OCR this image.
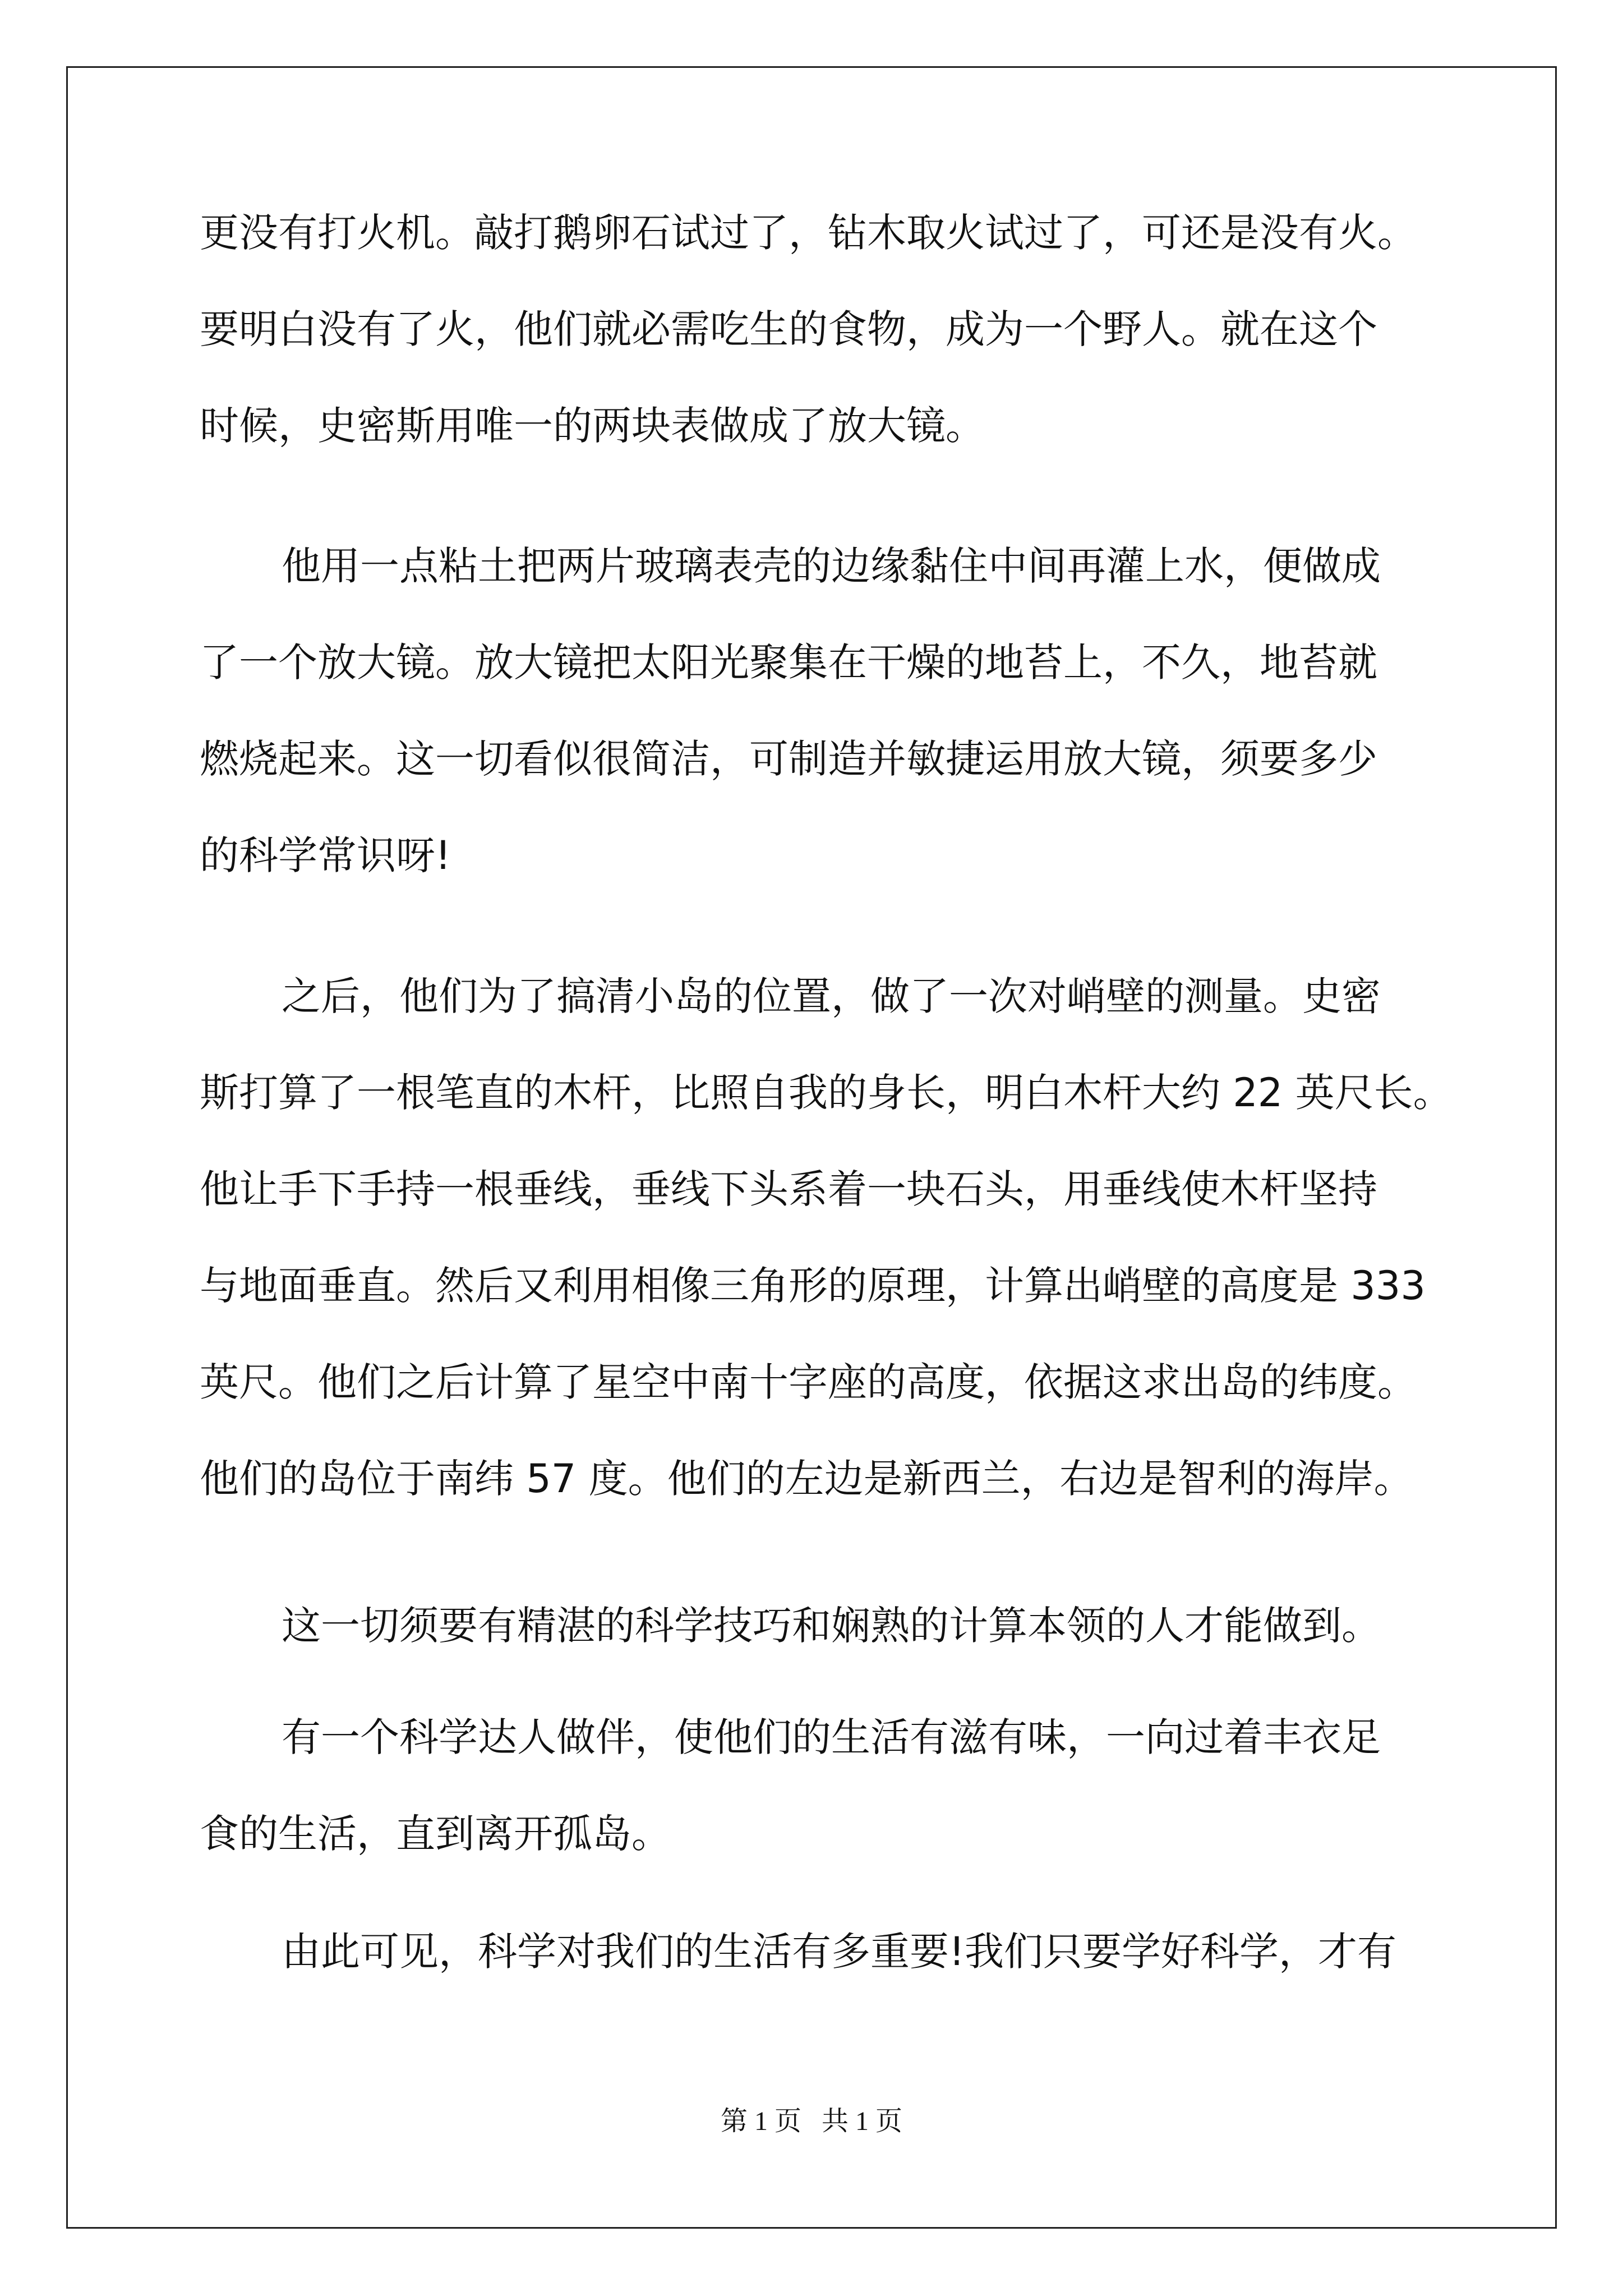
更没有打火机。敲打鹅卵石试过了，钻木取火试过了，可还是没有火。
要明白没有了火，他们就必需吃生的食物，成为一个野人。就在这个
时候，史密斯用唯一的两块表做成了放大镜。
他用一点粘土把两片玻璃表壳的边缘黏住中间再灌上水，便做成
了一个放大镜。放大镜把太阳光聚集在干燥的地苔上，不久，地苔就
燃烧起来。这一切看似很简洁，可制造并敏捷运用放大镜，须要多少
的科学常识呀!
之后，他们为了搞清小岛的位置，做了一次对峭壁的测量。史密
斯打算了一根笔直的木杆，比照自我的身长，明白木杆大约 22 英尺长。
他让手下手持一根垂线，垂线下头系着一块石头，用垂线使木杆坚持
与地面垂直。然后又利用相像三角形的原理，计算出峭壁的高度是 333
英尺。他们之后计算了星空中南十字座的高度，依据这求出岛的纬度。
他们的岛位于南纬 57 度。他们的左边是新西兰，右边是智利的海岸。
这一切须要有精湛的科学技巧和娴熟的计算本领的人才能做到。
有一个科学达人做伴，使他们的生活有滋有味，一向过着丰衣足
食的生活，直到离开孤岛。
由此可见，科学对我们的生活有多重要!我们只要学好科学，才有
第 1 页   共 1 页
